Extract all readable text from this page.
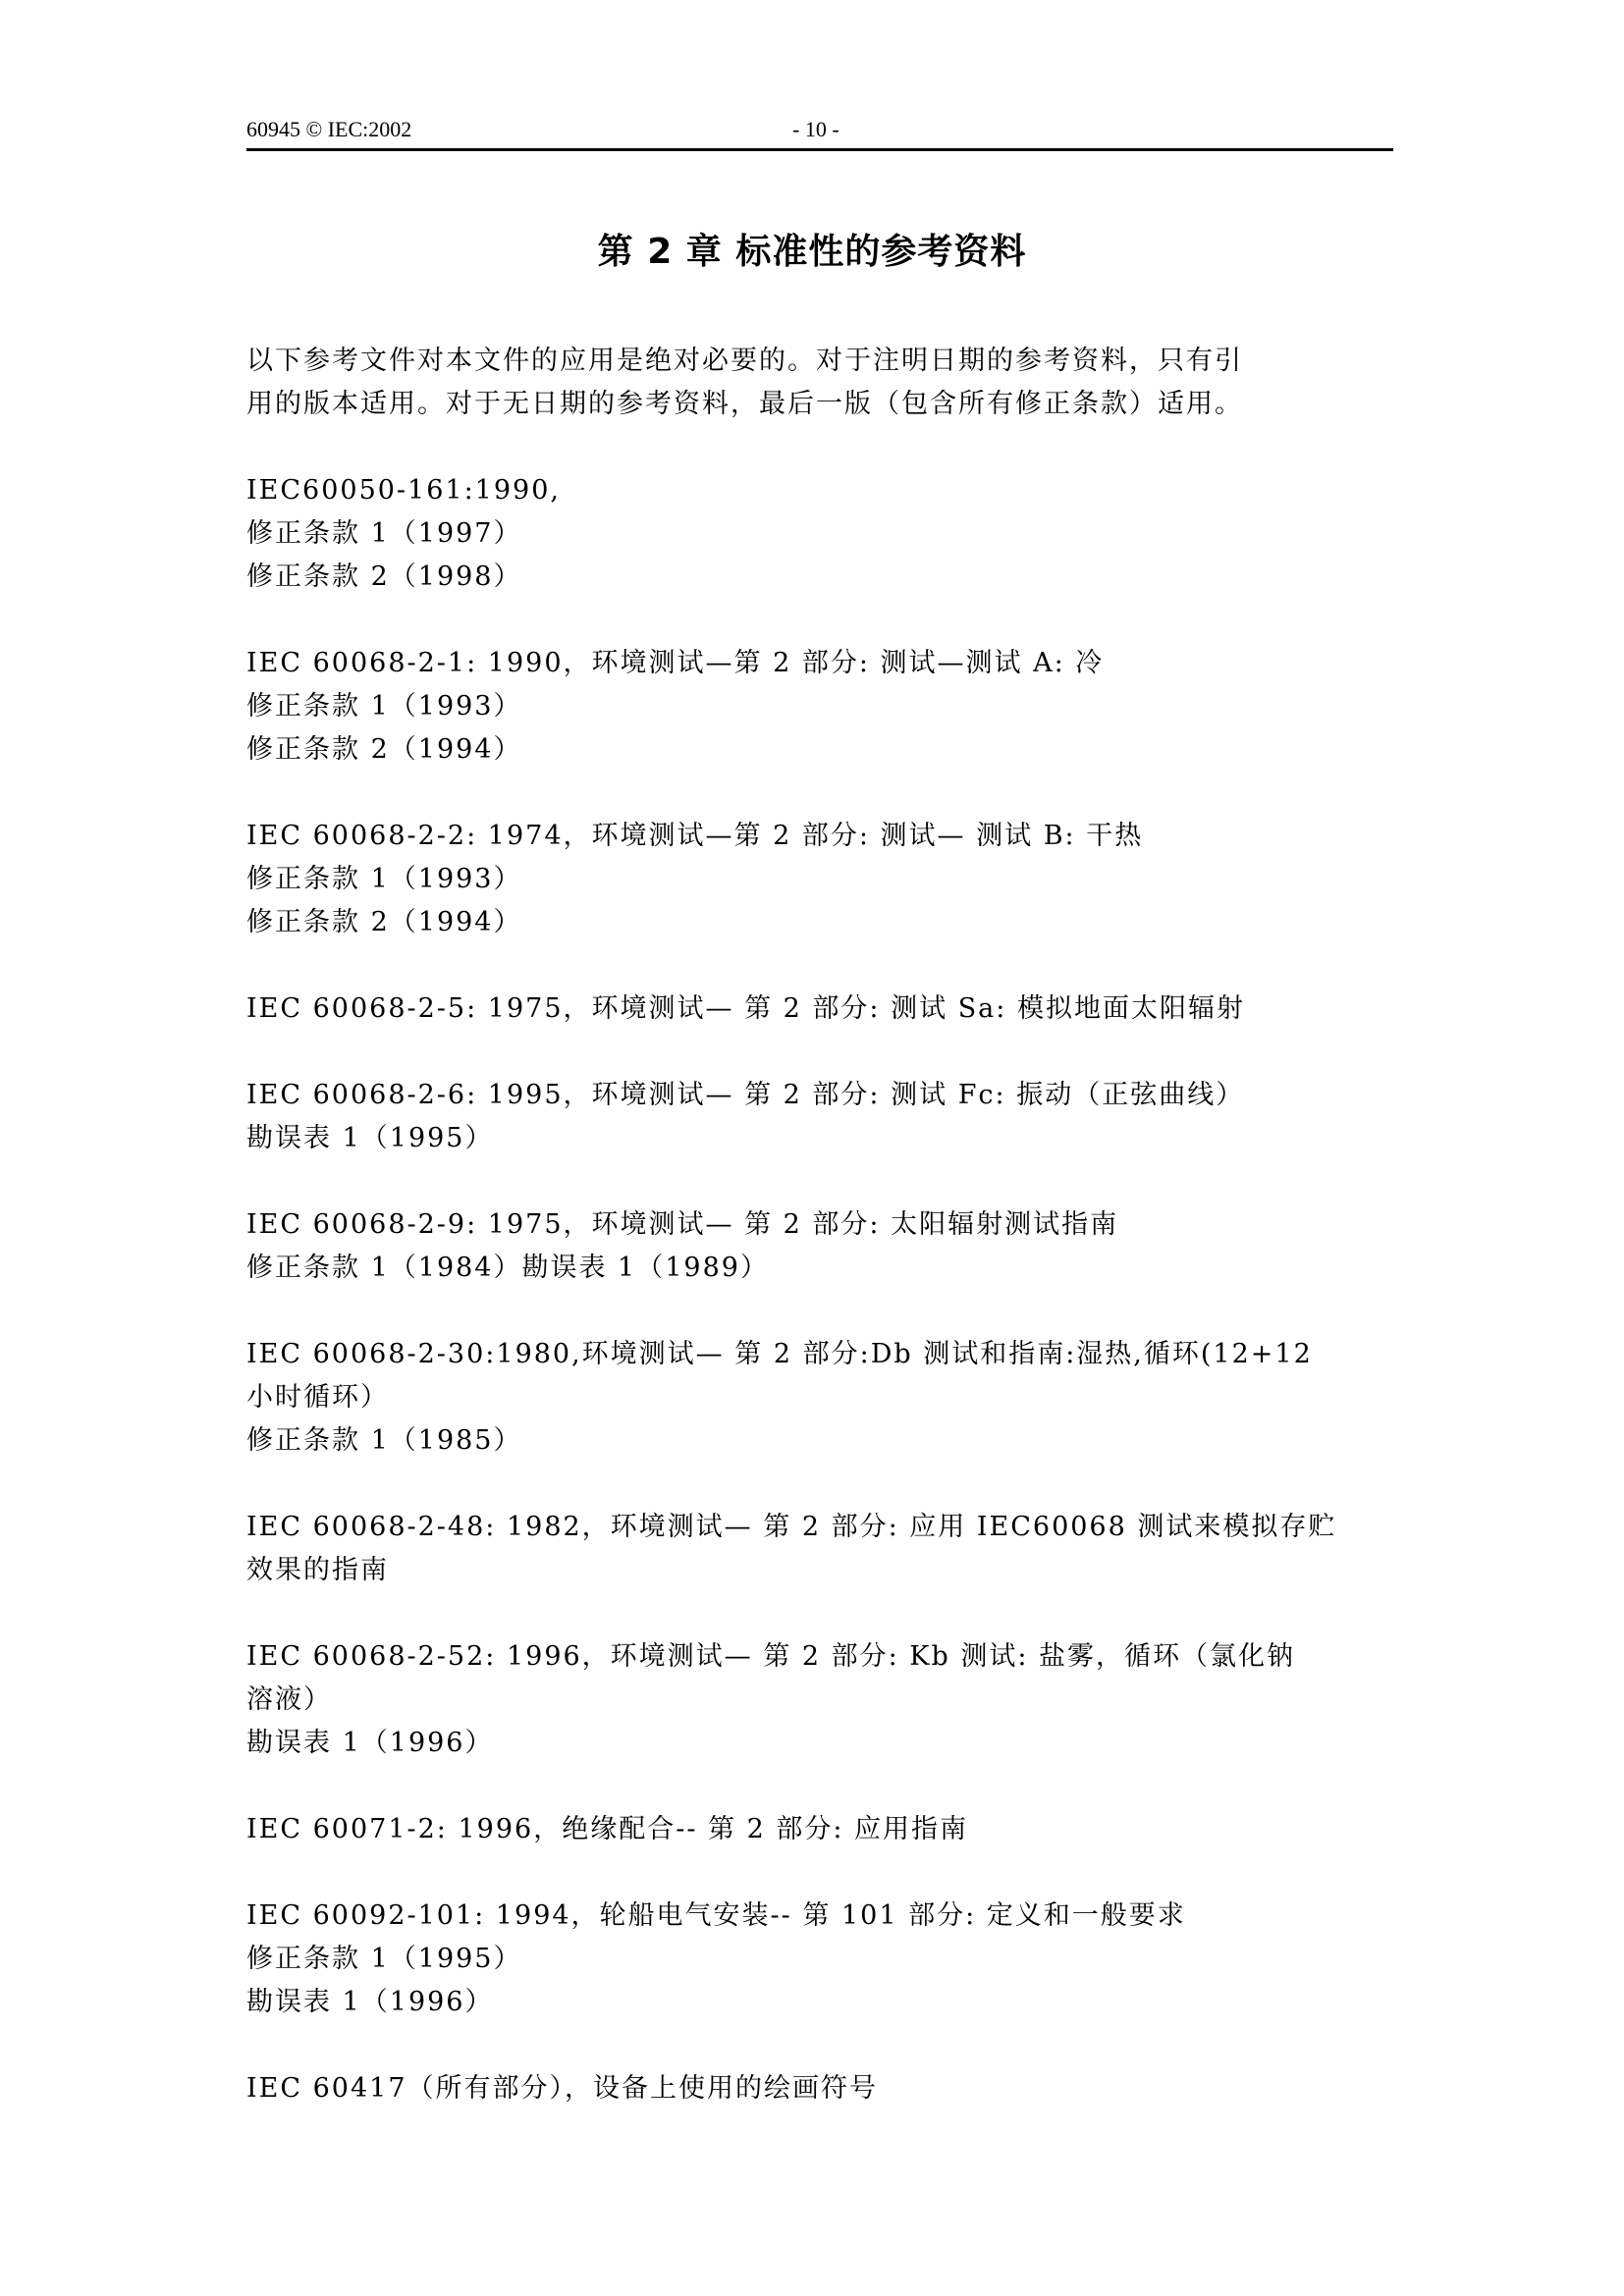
60945 © IEC:2002	- 10 -
第 2 章 标准性的参考资料
以下参考文件对本文件的应用是绝对必要的。对于注明日期的参考资料，只有引
用的版本适用。对于无日期的参考资料，最后一版（包含所有修正条款）适用。
IEC60050-161:1990,
修正条款 1（1997）
修正条款 2（1998）
IEC 60068-2-1: 1990，环境测试—第 2 部分: 测试—测试 A: 冷
修正条款 1（1993）
修正条款 2（1994）
IEC 60068-2-2: 1974，环境测试—第 2 部分: 测试— 测试 B: 干热
修正条款 1（1993）
修正条款 2（1994）
IEC 60068-2-5: 1975，环境测试— 第 2 部分: 测试 Sa: 模拟地面太阳辐射
IEC 60068-2-6: 1995，环境测试— 第 2 部分: 测试 Fc: 振动（正弦曲线）
勘误表 1（1995）
IEC 60068-2-9: 1975，环境测试— 第 2 部分: 太阳辐射测试指南
修正条款 1（1984）勘误表 1（1989）
IEC 60068-2-30:1980,环境测试— 第 2 部分:Db 测试和指南:湿热,循环(12+12
小时循环）
修正条款 1（1985）
IEC 60068-2-48: 1982，环境测试— 第 2 部分: 应用 IEC60068 测试来模拟存贮
效果的指南
IEC 60068-2-52: 1996，环境测试— 第 2 部分: Kb 测试: 盐雾，循环（氯化钠
溶液）
勘误表 1（1996）
IEC 60071-2: 1996，绝缘配合-- 第 2 部分: 应用指南
IEC 60092-101: 1994，轮船电气安装-- 第 101 部分: 定义和一般要求
修正条款 1（1995）
勘误表 1（1996）
IEC 60417（所有部分），设备上使用的绘画符号
